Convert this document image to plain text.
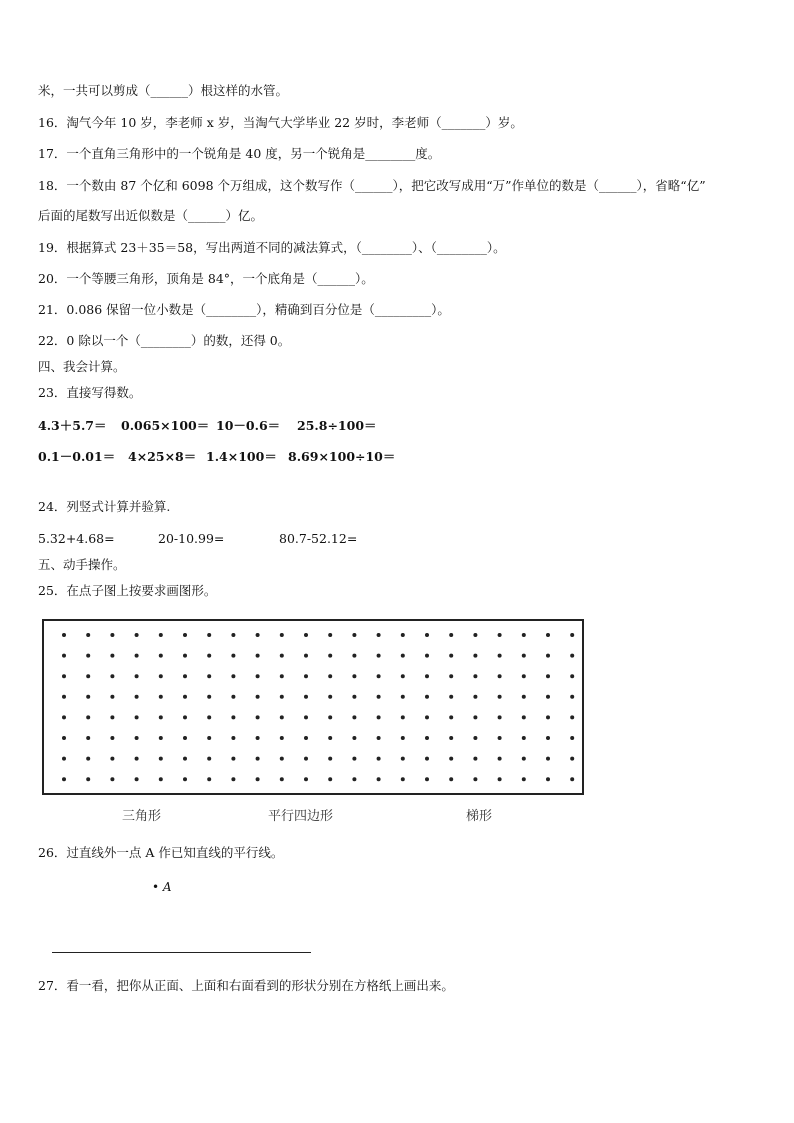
米，一共可以剪成（______）根这样的水管。
16．淘气今年 10 岁，李老师 x 岁，当淘气大学毕业 22 岁时，李老师（_______）岁。
17．一个直角三角形中的一个锐角是 40 度，另一个锐角是________度。
18．一个数由 87 个亿和 6098 个万组成，这个数写作（______），把它改写成用“万”作单位的数是（______），省略“亿”
后面的尾数写出近似数是（______）亿。
19．根据算式 23＋35＝58，写出两道不同的减法算式，（________）、（________）。
20．一个等腰三角形，顶角是 84°，一个底角是（______）。
21．0.086 保留一位小数是（________），精确到百分位是（_________）。
22．0 除以一个（________）的数，还得 0。
四、我会计算。
23．直接写得数。
4.3＋5.7＝ 0.065×100＝ 10－0.6＝ 25.8÷100＝
0.1－0.01＝ 4×25×8＝ 1.4×100＝ 8.69×100÷10＝
24．列竖式计算并验算.
5.32+4.68=	20-10.99=	80.7-52.12=
五、动手操作。
25．在点子图上按要求画图形。
三角形	平行四边形	梯形
26．过直线外一点 A 作已知直线的平行线。
• A
27．看一看，把你从正面、上面和右面看到的形状分别在方格纸上画出来。
